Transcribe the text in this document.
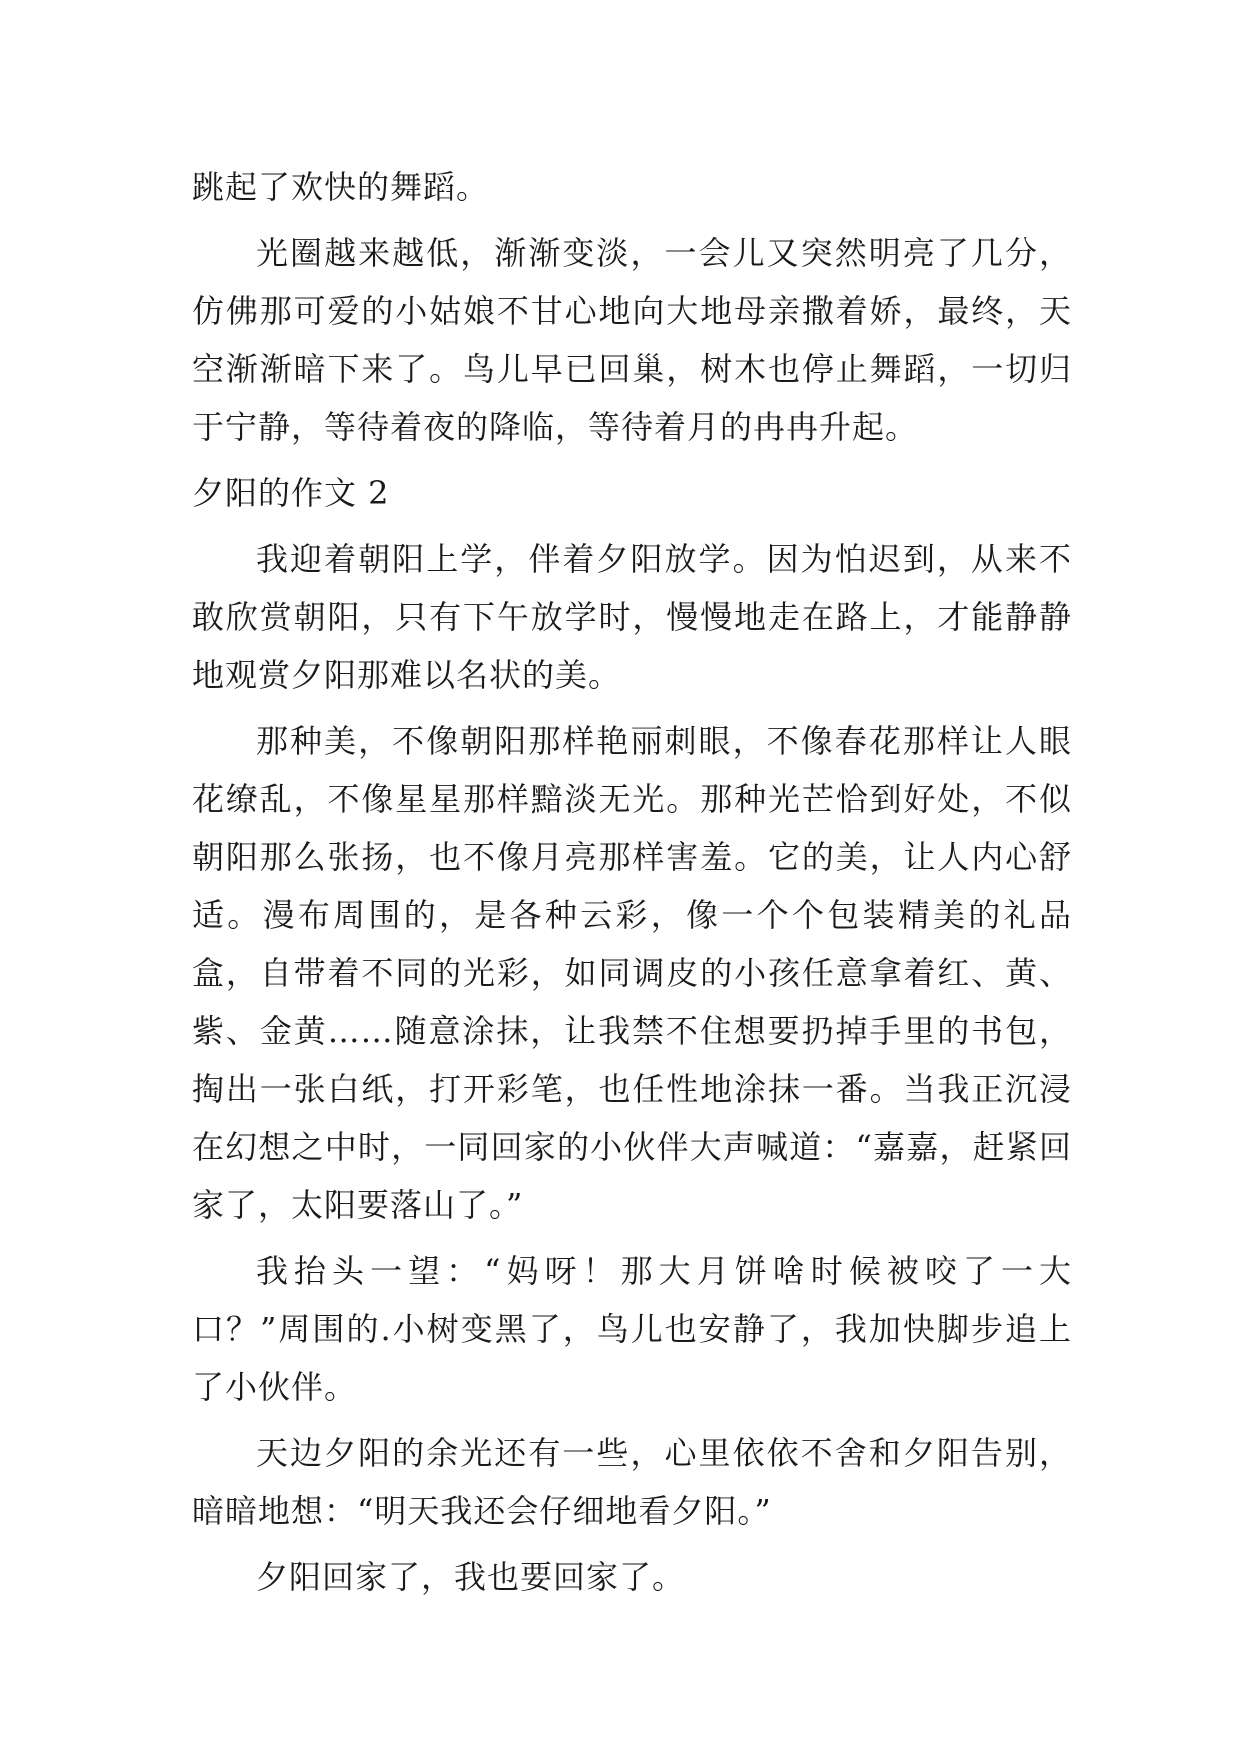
跳起了欢快的舞蹈。

光圈越来越低，渐渐变淡，一会儿又突然明亮了几分，仿佛那可爱的小姑娘不甘心地向大地母亲撒着娇，最终，天空渐渐暗下来了。鸟儿早已回巢，树木也停止舞蹈，一切归于宁静，等待着夜的降临，等待着月的冉冉升起。

夕阳的作文 2

我迎着朝阳上学，伴着夕阳放学。因为怕迟到，从来不敢欣赏朝阳，只有下午放学时，慢慢地走在路上，才能静静地观赏夕阳那难以名状的美。

那种美，不像朝阳那样艳丽刺眼，不像春花那样让人眼花缭乱，不像星星那样黯淡无光。那种光芒恰到好处，不似朝阳那么张扬，也不像月亮那样害羞。它的美，让人内心舒适。漫布周围的，是各种云彩，像一个个包装精美的礼品盒，自带着不同的光彩，如同调皮的小孩任意拿着红、黄、紫、金黄……随意涂抹，让我禁不住想要扔掉手里的书包，掏出一张白纸，打开彩笔，也任性地涂抹一番。当我正沉浸在幻想之中时，一同回家的小伙伴大声喊道：“嘉嘉，赶紧回家了，太阳要落山了。”

我抬头一望：“妈呀！那大月饼啥时候被咬了一大口？”周围的.小树变黑了，鸟儿也安静了，我加快脚步追上了小伙伴。

天边夕阳的余光还有一些，心里依依不舍和夕阳告别，暗暗地想：“明天我还会仔细地看夕阳。”

夕阳回家了，我也要回家了。
